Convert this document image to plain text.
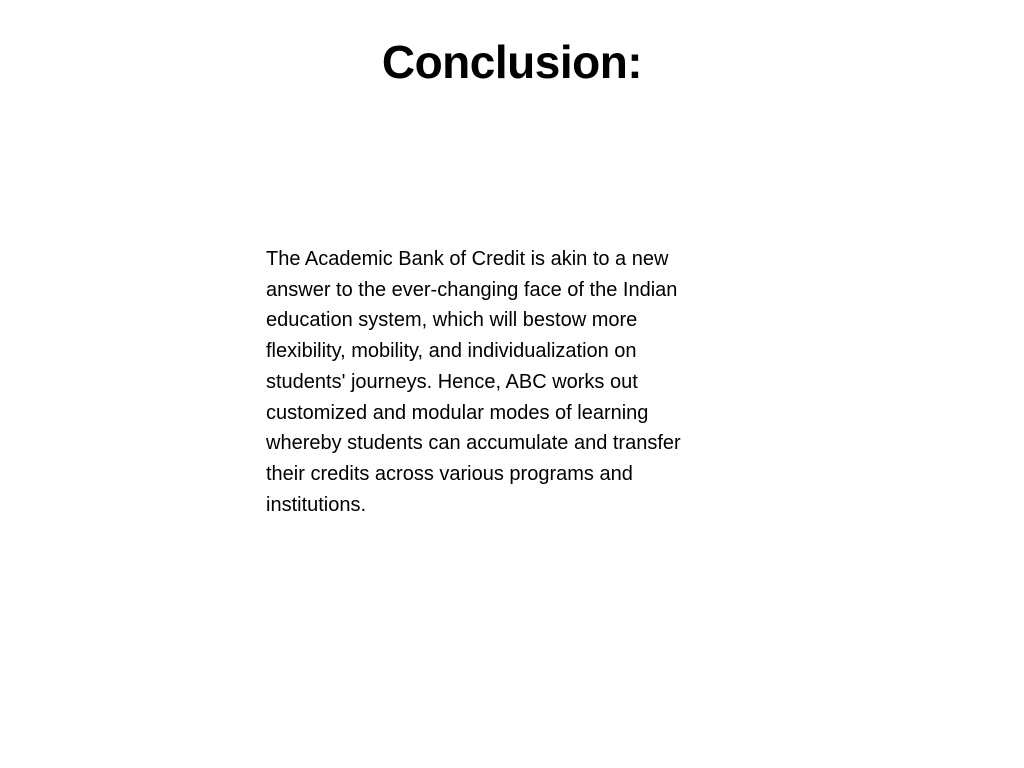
Conclusion:
The Academic Bank of Credit is akin to a new
answer to the ever-changing face of the Indian
education system, which will bestow more
flexibility, mobility, and individualization on
students' journeys. Hence, ABC works out
customized and modular modes of learning
whereby students can accumulate and transfer
their credits across various programs and
institutions.
